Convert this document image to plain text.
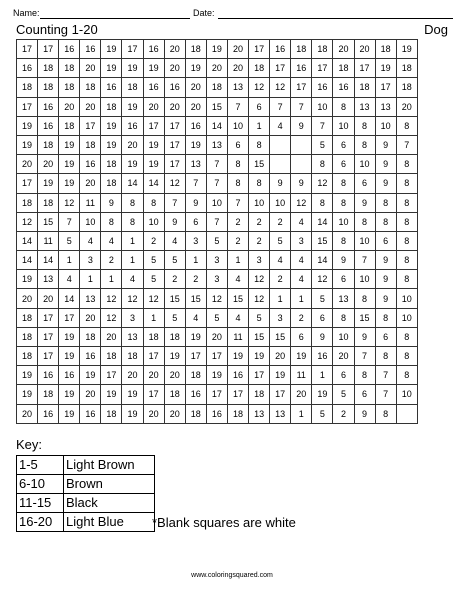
Name:	Date:
Counting 1-20	Dog
17	17	16	16	19	17	16	20	18	19	20	17	16	18	18	20	20	18	19
16	18	18	20	19	19	19	20	19	20	20	18	17	16	17	18	17	19	18
18	18	18	18	16	18	16	16	20	18	13	12	12	17	16	16	18	17	18
17	16	20	20	18	19	20	20	20	15	7	6	7	7	10	8	13	13	20
19	16	18	17	19	16	17	17	16	14	10	1	4	9	7	10	8	10	8
19	18	19	18	19	20	19	17	19	13	6	8			5	6	8	9	7
20	20	19	16	18	19	19	17	13	7	8	15			8	6	10	9	8
17	19	19	20	18	14	14	12	7	7	8	8	9	9	12	8	6	9	8
18	18	12	11	9	8	8	7	9	10	7	10	10	12	8	8	9	8	8
12	15	7	10	8	8	10	9	6	7	2	2	2	4	14	10	8	8	8
14	11	5	4	4	1	2	4	3	5	2	2	5	3	15	8	10	6	8
14	14	1	3	2	1	5	5	1	3	1	3	4	4	14	9	7	9	8
19	13	4	1	1	4	5	2	2	3	4	12	2	4	12	6	10	9	8
20	20	14	13	12	12	12	15	15	12	15	12	1	1	5	13	8	9	10
18	17	17	20	12	3	1	5	4	5	4	5	3	2	6	8	15	8	10
18	17	19	18	20	13	18	18	19	20	11	15	15	6	9	10	9	6	8
18	17	19	16	18	18	17	19	17	17	19	19	20	19	16	20	7	8	8
19	16	16	19	17	20	20	20	18	19	16	17	19	11	1	6	8	7	8
19	18	19	20	19	19	17	18	16	17	17	18	17	20	19	5	6	7	10
20	16	19	16	18	19	20	20	18	16	18	13	13	1	5	2	9	8	
Key:
1-5	Light Brown
6-10	Brown
11-15	Black
16-20	Light Blue *Blank squares are white
www.coloringsquared.com
